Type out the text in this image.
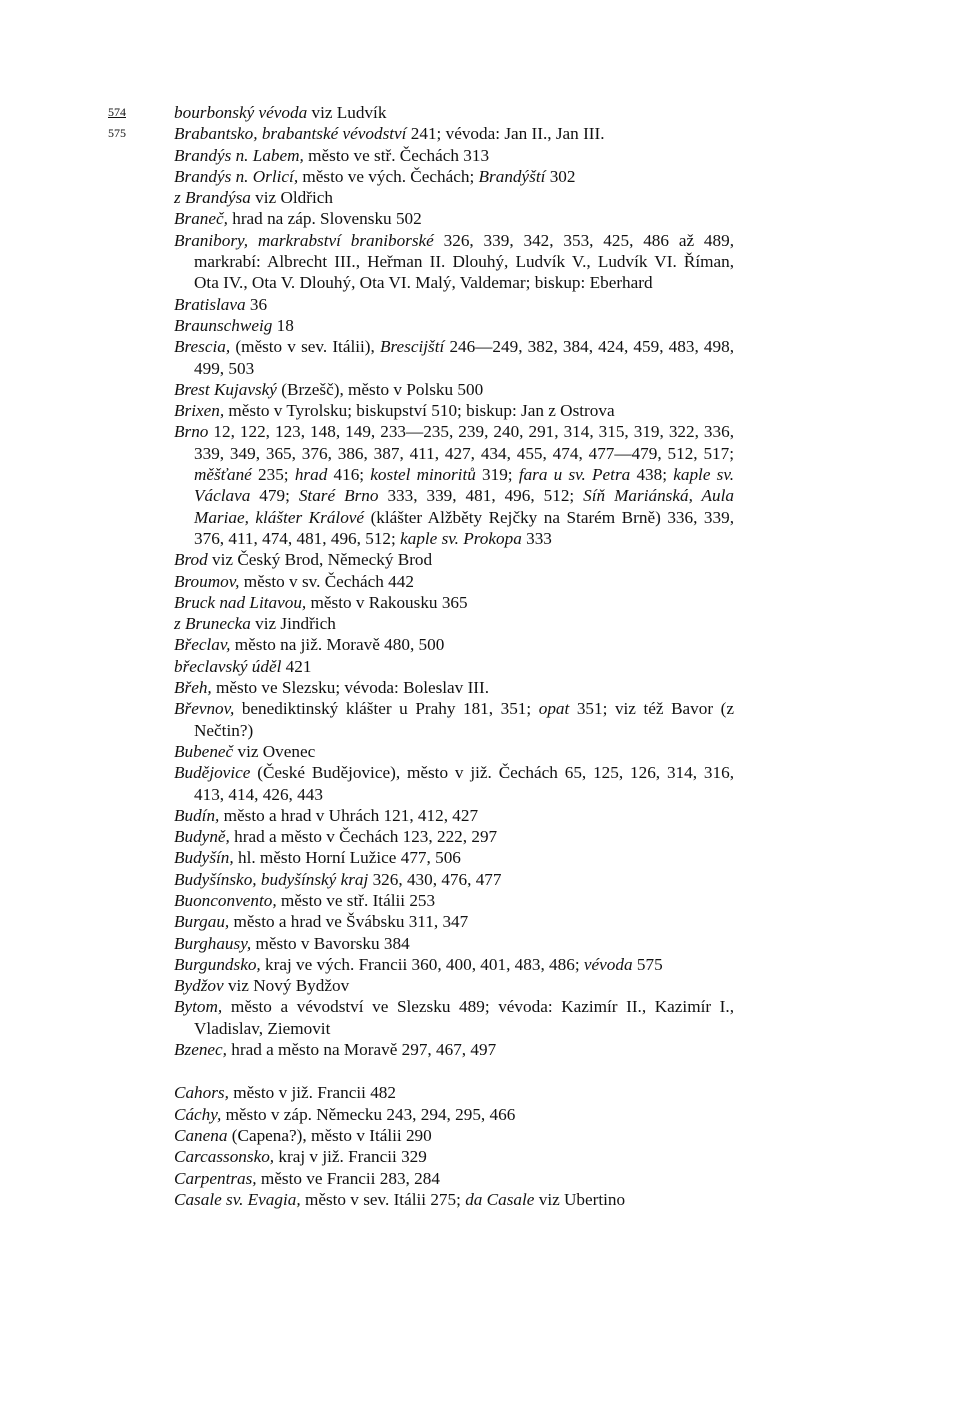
574
575
bourbonský vévoda viz Ludvík
Brabantsko, brabantské vévodství 241; vévoda: Jan II., Jan III.
Brandýs n. Labem, město ve stř. Čechách 313
Brandýs n. Orlicí, město ve vých. Čechách; Brandýští 302
z Brandýsa viz Oldřich
Braneč, hrad na záp. Slovensku 502
Branibory, markrabství braniborské 326, 339, 342, 353, 425, 486 až 489, markrabí: Albrecht III., Heřman II. Dlouhý, Ludvík V., Ludvík VI. Říman, Ota IV., Ota V. Dlouhý, Ota VI. Malý, Valdemar; biskup: Eberhard
Bratislava 36
Braunschweig 18
Brescia, (město v sev. Itálii), Brescijští 246—249, 382, 384, 424, 459, 483, 498, 499, 503
Brest Kujavský (Brzešč), město v Polsku 500
Brixen, město v Tyrolsku; biskupství 510; biskup: Jan z Ostrova
Brno 12, 122, 123, 148, 149, 233—235, 239, 240, 291, 314, 315, 319, 322, 336, 339, 349, 365, 376, 386, 387, 411, 427, 434, 455, 474, 477—479, 512, 517; měšťané 235; hrad 416; kostel minoritů 319; fara u sv. Petra 438; kaple sv. Václava 479; Staré Brno 333, 339, 481, 496, 512; Síň Mariánská, Aula Mariae, klášter Králové (klášter Alžběty Rejčky na Starém Brně) 336, 339, 376, 411, 474, 481, 496, 512; kaple sv. Prokopa 333
Brod viz Český Brod, Německý Brod
Broumov, město v sv. Čechách 442
Bruck nad Litavou, město v Rakousku 365
z Brunecka viz Jindřich
Břeclav, město na již. Moravě 480, 500
břeclavský úděl 421
Břeh, město ve Slezsku; vévoda: Boleslav III.
Břevnov, benediktinský klášter u Prahy 181, 351; opat 351; viz též Bavor (z Nečtin?)
Bubeneč viz Ovenec
Budějovice (České Budějovice), město v již. Čechách 65, 125, 126, 314, 316, 413, 414, 426, 443
Budín, město a hrad v Uhrách 121, 412, 427
Budyně, hrad a město v Čechách 123, 222, 297
Budyšín, hl. město Horní Lužice 477, 506
Budyšínsko, budyšínský kraj 326, 430, 476, 477
Buonconvento, město ve stř. Itálii 253
Burgau, město a hrad ve Švábsku 311, 347
Burghausy, město v Bavorsku 384
Burgundsko, kraj ve vých. Francii 360, 400, 401, 483, 486; vévoda 575
Bydžov viz Nový Bydžov
Bytom, město a vévodství ve Slezsku 489; vévoda: Kazimír II., Kazimír I., Vladislav, Ziemovit
Bzenec, hrad a město na Moravě 297, 467, 497
Cahors, město v již. Francii 482
Cáchy, město v záp. Německu 243, 294, 295, 466
Canena (Capena?), město v Itálii 290
Carcassonsko, kraj v již. Francii 329
Carpentras, město ve Francii 283, 284
Casale sv. Evagia, město v sev. Itálii 275; da Casale viz Ubertino
